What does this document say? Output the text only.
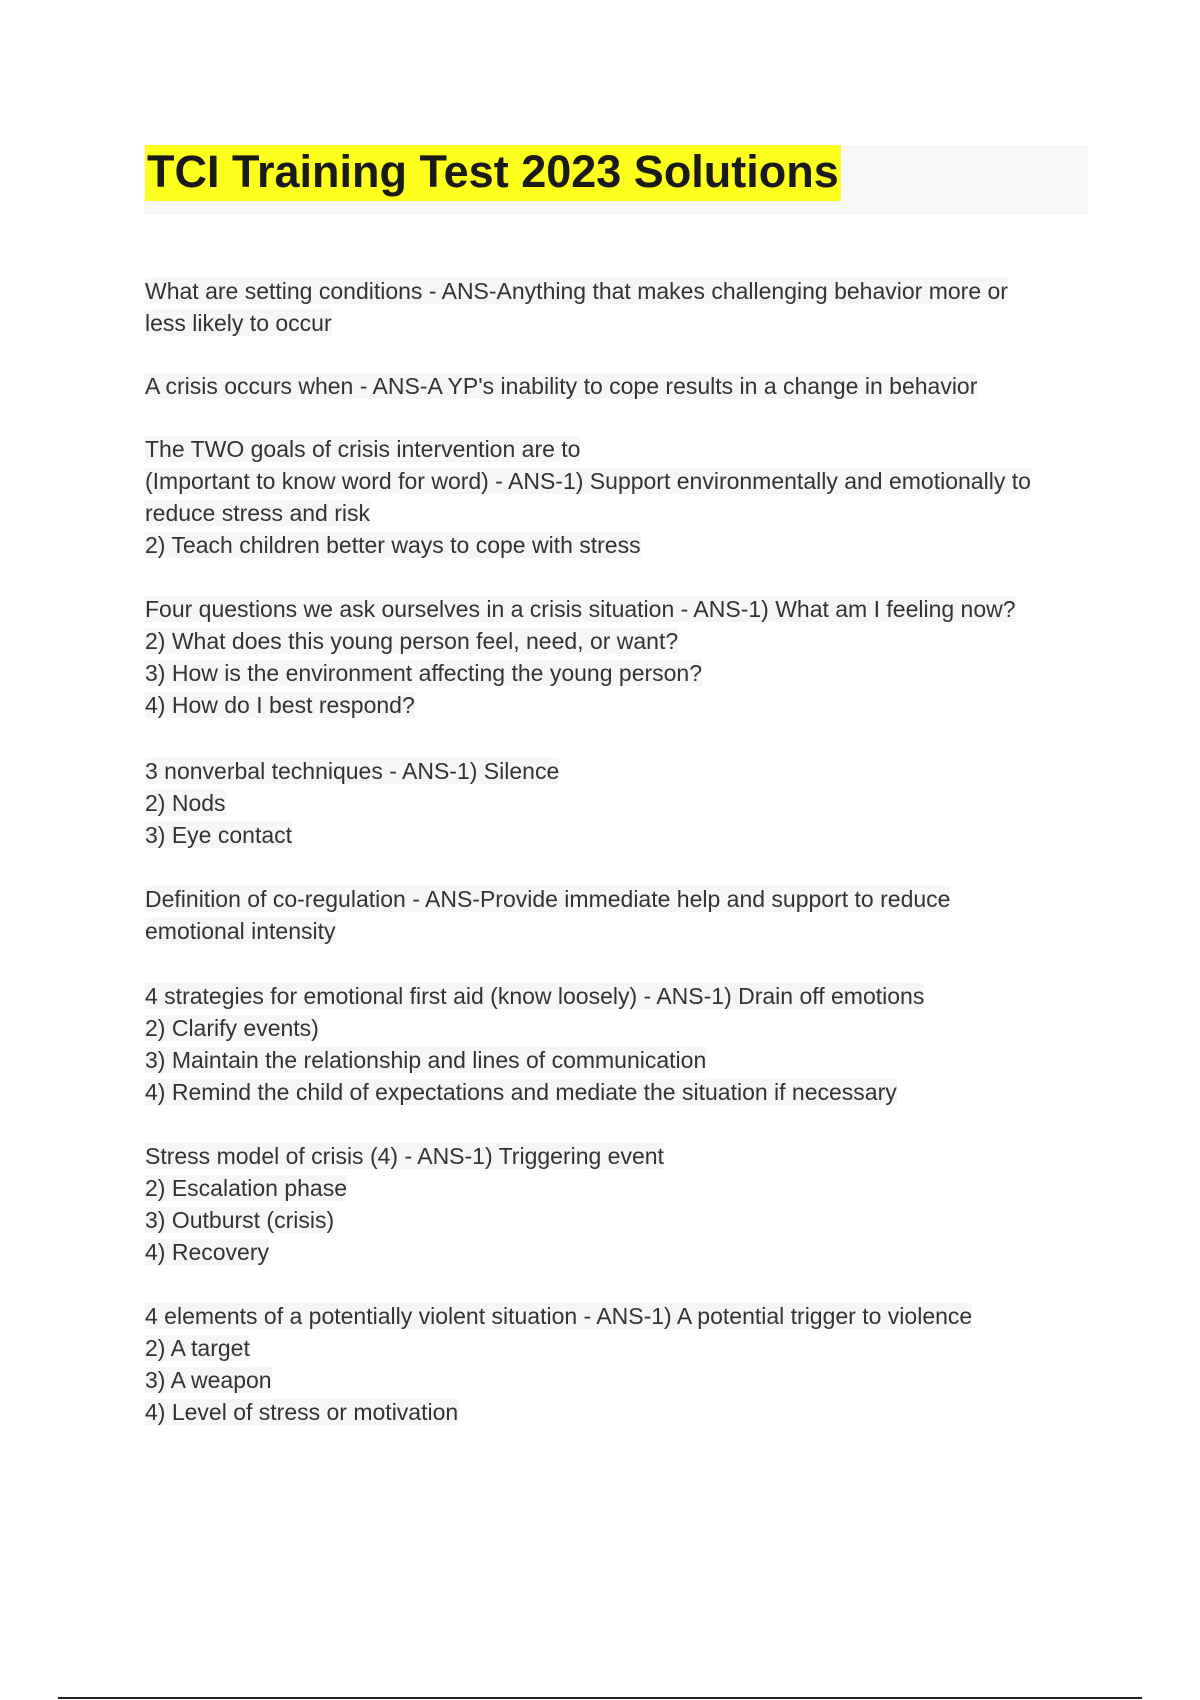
TCI Training Test 2023 Solutions
What are setting conditions - ANS-Anything that makes challenging behavior more or
less likely to occur
A crisis occurs when - ANS-A YP's inability to cope results in a change in behavior
The TWO goals of crisis intervention are to
(Important to know word for word) - ANS-1) Support environmentally and emotionally to
reduce stress and risk
2) Teach children better ways to cope with stress
Four questions we ask ourselves in a crisis situation - ANS-1) What am I feeling now?
2) What does this young person feel, need, or want?
3) How is the environment affecting the young person?
4) How do I best respond?
3 nonverbal techniques - ANS-1) Silence
2) Nods
3) Eye contact
Definition of co-regulation - ANS-Provide immediate help and support to reduce
emotional intensity
4 strategies for emotional first aid (know loosely) - ANS-1) Drain off emotions
2) Clarify events)
3) Maintain the relationship and lines of communication
4) Remind the child of expectations and mediate the situation if necessary
Stress model of crisis (4) - ANS-1) Triggering event
2) Escalation phase
3) Outburst (crisis)
4) Recovery
4 elements of a potentially violent situation - ANS-1) A potential trigger to violence
2) A target
3) A weapon
4) Level of stress or motivation
